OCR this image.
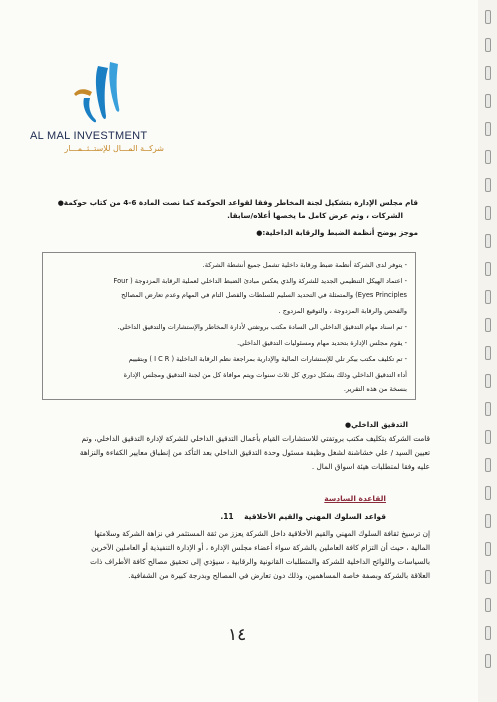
AL MAL INVESTMENT
شركــة المـــال للإستــثــمـــار
قام مجلس الإدارة بتشكيل لجنة المخاطر وفقا لقواعد الحوكمة كما نصت المادة 6-4 من كتاب حوكمة●
الشركات ، وتم عرض كامل ما يخصها أعلاه/سابقا.
موجز يوضح أنظمة الضبط والرقابة الداخلية:●
- يتوفر لدى الشركة أنظمة ضبط ورقابة داخلية تشمل جميع أنشطة الشركة.
- اعتماد الهيكل التنظيمي الجديد للشركة والذي يعكس مبادئ الضبط الداخلي لعملية الرقابة المزدوجة ( Four
Eyes Principles) والمتمثلة في التحديد السليم للسلطات والفصل التام في المهام وعدم تعارض المصالح
والفحص والرقابة المزدوجة ، والتوقيع المزدوج .
- تم اسناد مهام التدقيق الداخلي الى السادة مكتب بروتفتي لأدارة المخاطر والإستشارات والتدقيق الداخلي.
- يقوم مجلس الإدارة بتحديد مهام ومسئوليات التدقيق الداخلي.
- تم تكليف مكتب بيكر تلي للإستشارات المالية والإدارية بمراجعة نظم الرقابة الداخلية ( I C R ) وبتقييم
أداء التدقيق الداخلي وذلك بشكل دوري كل ثلاث سنوات ويتم موافاة كل من لجنة التدقيق ومجلس الإدارة
بنسخة من هذه التقرير.
التدقيق الداخلي●
قامت الشركة بتكليف مكتب بروتفتي للاستشارات القيام بأعمال التدقيق الداخلي للشركة لإدارة التدقيق الداخلي، وتم
تعيين السيد / علي خشاشنة لشغل وظيفة مسئول وحدة التدقيق الداخلي بعد التأكد من إنطباق معايير الكفاءة والنزاهة
عليه وفقا لمتطلبات هيئة اسواق المال .
القاعدة السادسة
قواعد السلوك المهني والقيم الأخلاقية    11.
إن ترسيخ ثقافة السلوك المهني والقيم الأخلاقية داخل الشركة يعزز من ثقة المستثمر في نزاهة الشركة وسلامتها
المالية ، حيث أن التزام كافة العاملين بالشركة سواء أعضاء مجلس الإدارة ، أو الإدارة التنفيذية أو العاملين الآخرين
بالسياسات واللوائح الداخلية للشركة والمتطلبات القانونية والرقابية ، سيؤدي إلى تحقيق مصالح كافة الأطراف ذات
العلاقة بالشركة وبصفة خاصة المساهمين، وذلك دون تعارض في المصالح وبدرجة كبيرة من الشفافية.
١٤
